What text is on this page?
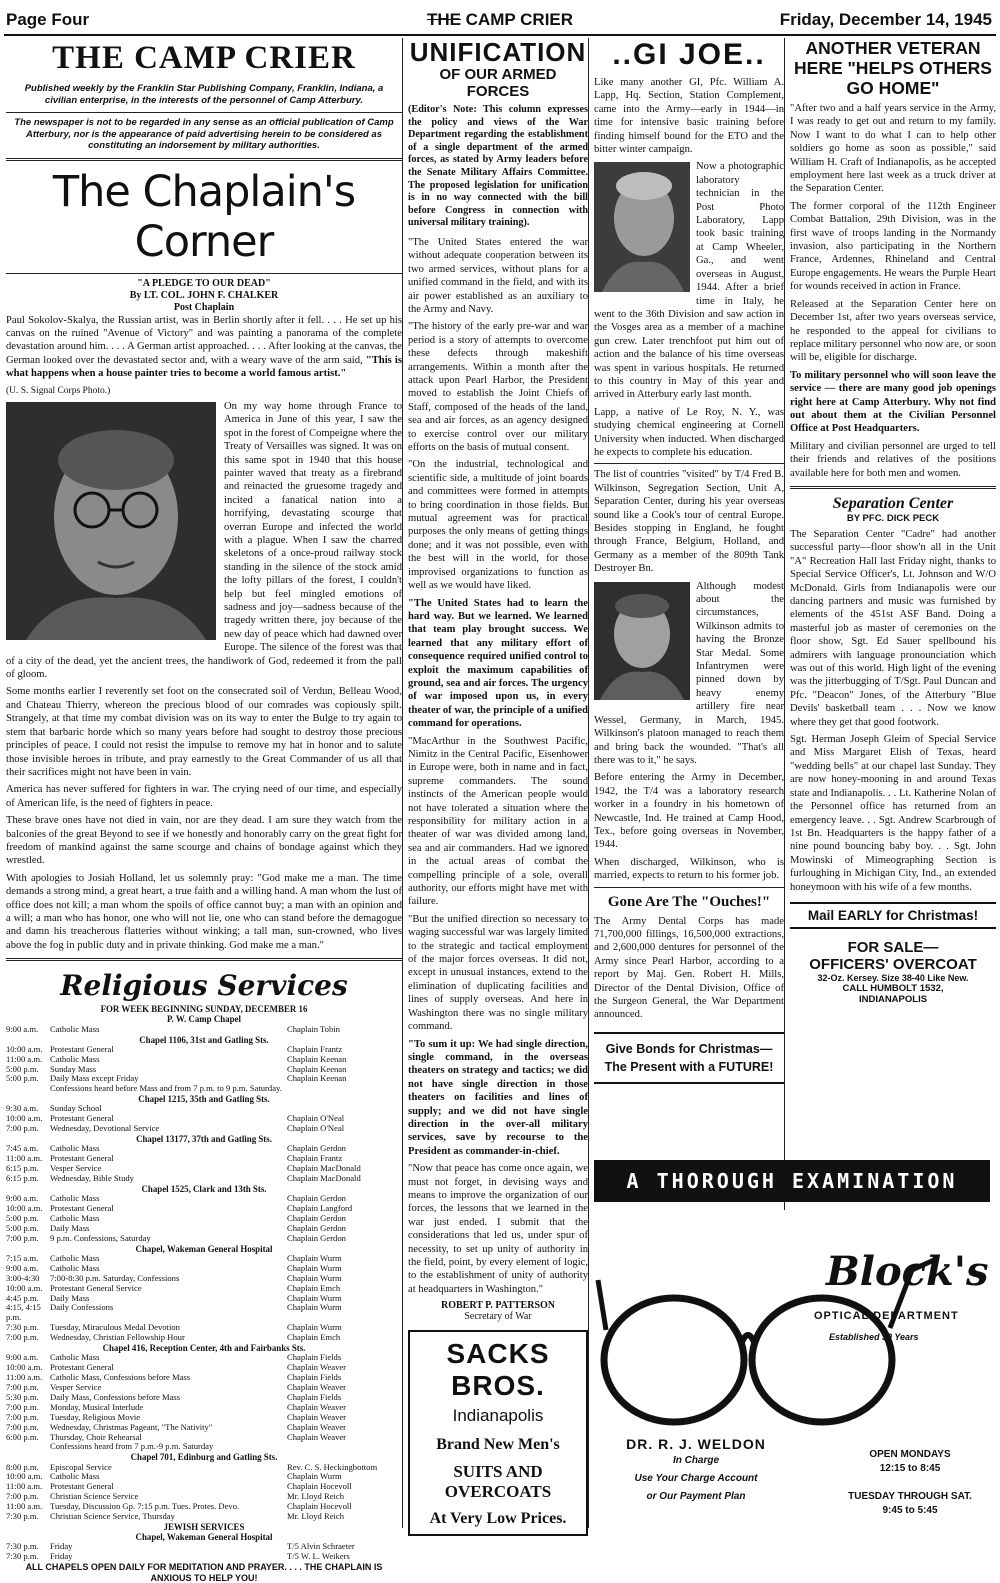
Page Four	THE CAMP CRIER	Friday, December 14, 1945
THE CAMP CRIER
Published weekly by the Franklin Star Publishing Company, Franklin, Indiana, a civilian enterprise, in the interests of the personnel of Camp Atterbury.
The newspaper is not to be regarded in any sense as an official publication of Camp Atterbury, nor is the appearance of paid advertising herein to be considered as constituting an indorsement by military authorities.
The Chaplain's Corner
"A PLEDGE TO OUR DEAD"
By LT. COL. JOHN F. CHALKER
Post Chaplain

Paul Sokolov-Skalya, the Russian artist, was in Berlin shortly after it fell. . . . He set up his canvas on the ruined "Avenue of Victory" and was painting a panorama of the complete devastation around him. . . . A German artist approached. . . . After looking at the canvas, the German looked over the devastated sector and, with a weary wave of the arm said, "This is what happens when a house painter tries to become a world famous artist."

(U. S. Signal Corps Photo.)

On my way home through France to America in June of this year, I saw the spot in the forest of Compeigne where the Treaty of Versailles was signed. It was on this same spot in 1940 that this house painter waved that treaty as a firebrand and reinacted the gruesome tragedy and incited a fanatical nation into a horrifying, devastating scourge that overran Europe and infected the world with a plague. When I saw the charred skeletons of a once-proud railway stock standing in the silence of the stock amid the lofty pillars of the forest, I couldn't help but feel mingled emotions of sadness and joy—sadness because of the tragedy written there, joy because of the new day of peace which had dawned over Europe. The silence of the forest was that of a city of the dead, yet the ancient trees, the handiwork of God, redeemed it from the pall of gloom.

Some months earlier I reverently set foot on the consecrated soil of Verdun, Belleau Wood, and Chateau Thierry, whereon the precious blood of our comrades was copiously spilt. Strangely, at that time my combat division was on its way to enter the Bulge to try again to stem that barbaric horde which so many years before had sought to destroy those precious principles of peace. I could not resist the impulse to remove my hat in honor and to salute those invisible heroes in tribute, and pray earnestly to the Great Commander of us all that their sacrifices might not have been in vain.

America has never suffered for fighters in war. The crying need of our time, and especially of American life, is the need of fighters in peace.

These brave ones have not died in vain, nor are they dead. I am sure they watch from the balconies of the great Beyond to see if we honestly and honorably carry on the great fight for freedom of mankind against the same scourge and chains of bondage against which they wrestled.

With apologies to Josiah Holland, let us solemnly pray: "God make me a man. The time demands a strong mind, a great heart, a true faith and a willing hand. A man whom the lust of office does not kill; a man whom the spoils of office cannot buy; a man with an opinion and a will; a man who has honor, one who will not lie, one who can stand before the demagogue and damn his treacherous flatteries without winking; a tall man, sun-crowned, who lives above the fog in public duty and in private thinking. God make me a man."

Religious Services
FOR WEEK BEGINNING SUNDAY, DECEMBER 16
P. W. Camp Chapel
9:00 a.m.	Catholic Mass	Chaplain Tobin
Chapel 1106, 31st and Gatling Sts.
10:00 a.m.	Protestant General	Chaplain Frantz
11:00 a.m.	Catholic Mass	Chaplain Keenan
5:00 p.m.	Sunday Mass	Chaplain Keenan
5:00 p.m.	Daily Mass except Friday	Chaplain Keenan
	Confessions heard before Mass and from 7 p.m. to 9 p.m. Saturday.	
Chapel 1215, 35th and Gatling Sts.
9:30 a.m.	Sunday School	
10:00 a.m.	Protestant General	Chaplain O'Neal
7:00 p.m.	Wednesday, Devotional Service	Chaplain O'Neal
Chapel 13177, 37th and Gatling Sts.
7:45 a.m.	Catholic Mass	Chaplain Gerdon
11:00 a.m.	Protestant General	Chaplain Frantz
6:15 p.m.	Vesper Service	Chaplain MacDonald
6:15 p.m.	Wednesday, Bible Study	Chaplain MacDonald
Chapel 1525, Clark and 13th Sts.
9:00 a.m.	Catholic Mass	Chaplain Gerdon
10:00 a.m.	Protestant General	Chaplain Langford
5:00 p.m.	Catholic Mass	Chaplain Gerdon
5:00 p.m.	Daily Mass	Chaplain Gerdon
7:00 p.m.	9 p.m. Confessions, Saturday	Chaplain Gerdon
Chapel, Wakeman General Hospital
7:15 a.m.	Catholic Mass	Chaplain Wurm
9:00 a.m.	Catholic Mass	Chaplain Wurm
3:00-4:30	7:00-8:30 p.m. Saturday, Confessions	Chaplain Wurm
10:00 a.m.	Protestant General Service	Chaplain Emch
4:45 p.m.	Daily Mass	Chaplain Wurm
4:15, 4:15 p.m.	Daily Confessions	Chaplain Wurm
7:30 p.m.	Tuesday, Miraculous Medal Devotion	Chaplain Wurm
7:00 p.m.	Wednesday, Christian Fellowship Hour	Chaplain Emch
Chapel 416, Reception Center, 4th and Fairbanks Sts.
9:00 a.m.	Catholic Mass	Chaplain Fields
10:00 a.m.	Protestant General	Chaplain Weaver
11:00 a.m.	Catholic Mass, Confessions before Mass	Chaplain Fields
7:00 p.m.	Vesper Service	Chaplain Weaver
5:30 p.m.	Daily Mass, Confessions before Mass	Chaplain Fields
7:00 p.m.	Monday, Musical Interlude	Chaplain Weaver
7:00 p.m.	Tuesday, Religious Movie	Chaplain Weaver
7:00 p.m.	Wednesday, Christmas Pageant, "The Nativity"	Chaplain Weaver
6:00 p.m.	Thursday, Choir Rehearsal	Chaplain Weaver
	Confessions heard from 7 p.m.-9 p.m. Saturday	
Chapel 701, Edinburg and Gatling Sts.
8:00 p.m.	Episcopal Service	Rev. C. S. Heckingbottom
10:00 a.m.	Catholic Mass	Chaplain Wurm
11:00 a.m.	Protestant General	Chaplain Hocevoll
7:00 p.m.	Christian Science Service	Mr. Lloyd Reich
11:00 a.m.	Tuesday, Discussion Gp. 7:15 p.m. Tues. Protes. Devo.	Chaplain Hocevoll
7:30 p.m.	Christian Science Service, Thursday	Mr. Lloyd Reich
JEWISH SERVICES
Chapel, Wakeman General Hospital
7:30 p.m.	Friday	T/5 Alvin Schraeter
7:30 p.m.	Friday	T/5 W. L. Weikers
ALL CHAPELS OPEN DAILY FOR MEDITATION AND PRAYER. . . . THE CHAPLAIN IS ANXIOUS TO HELP YOU!
UNIFICATION
OF OUR ARMED FORCES
(Editor's Note: This column expresses the policy and views of the War Department regarding the establishment of a single department of the armed forces, as stated by Army leaders before the Senate Military Affairs Committee. The proposed legislation for unification is in no way connected with the bill before Congress in connection with universal military training).

"The United States entered the war without adequate cooperation between its two armed services, without plans for a unified command in the field, and with its air power established as an auxiliary to the Army and Navy.

"The history of the early pre-war and war period is a story of attempts to overcome these defects through makeshift arrangements. Within a month after the attack upon Pearl Harbor, the President moved to establish the Joint Chiefs of Staff, composed of the heads of the land, sea and air forces, as an agency designed to exercise control over our military efforts on the basis of mutual consent.

"On the industrial, technological and scientific side, a multitude of joint boards and committees were formed in attempts to bring coordination in those fields. But mutual agreement was for practical purposes the only means of getting things done; and it was not possible, even with the best will in the world, for those improvised organizations to function as well as we would have liked.

"The United States had to learn the hard way. But we learned. We learned that team play brought success. We learned that any military effort of consequence required unified control to exploit the maximum capabilities of ground, sea and air forces. The urgency of war imposed upon us, in every theater of war, the principle of a unified command for operations.

"MacArthur in the Southwest Pacific, Nimitz in the Central Pacific, Eisenhower in Europe were, both in name and in fact, supreme commanders. The sound instincts of the American people would not have tolerated a situation where the responsibility for military action in a theater of war was divided among land, sea and air commanders. Had we ignored in the actual areas of combat the compelling principle of a sole, overall authority, our efforts might have met with failure.

"But the unified direction so necessary to waging successful war was largely limited to the strategic and tactical employment of the major forces overseas. It did not, except in unusual instances, extend to the elimination of duplicating facilities and lines of supply overseas. And here in Washington there was no single military command.

"To sum it up: We had single direction, single command, in the overseas theaters on strategy and tactics; we did not have single direction in those theaters on facilities and lines of supply; and we did not have single direction in the over-all military services, save by recourse to the President as commander-in-chief.

"Now that peace has come once again, we must not forget, in devising ways and means to improve the organization of our forces, the lessons that we learned in the war just ended. I submit that the considerations that led us, under spur of necessity, to set up unity of authority in the field, point, by every element of logic, to the establishment of unity of authority at headquarters in Washington."

ROBERT P. PATTERSON
Secretary of War
SACKS BROS.
Indianapolis
Brand New Men's
SUITS AND
OVERCOATS
At Very Low Prices.
..GI JOE..

Like many another GI, Pfc. William A. Lapp, Hq. Section, Station Complement, came into the Army—early in 1944—in time for intensive basic training before finding himself bound for the ETO and the bitter winter campaign.

Now a photographic laboratory technician in the Post Photo Laboratory, Lapp took basic training at Camp Wheeler, Ga., and went overseas in August, 1944. After a brief time in Italy, he went to the 36th Division and saw action in the Vosges area as a member of a machine gun crew. Later trenchfoot put him out of action and the balance of his time overseas was spent in various hospitals. He returned to this country in May of this year and arrived in Atterbury early last month.

Lapp, a native of Le Roy, N. Y., was studying chemical engineering at Cornell University when inducted. When discharged he expects to complete his education.

The list of countries "visited" by T/4 Fred B. Wilkinson, Segregation Section, Unit A, Separation Center, during his year overseas sound like a Cook's tour of central Europe. Besides stopping in England, he fought through France, Belgium, Holland, and Germany as a member of the 809th Tank Destroyer Bn.

Although modest about the circumstances, Wilkinson admits to having the Bronze Star Medal. Some Infantrymen were pinned down by heavy enemy artillery fire near Wessel, Germany, in March, 1945. Wilkinson's platoon managed to reach them and bring back the wounded. "That's all there was to it," he says.

Before entering the Army in December, 1942, the T/4 was a laboratory research worker in a foundry in his hometown of Newcastle, Ind. He trained at Camp Hood, Tex., before going overseas in November, 1944.

When discharged, Wilkinson, who is married, expects to return to his former job.

Gone Are The "Ouches!"

The Army Dental Corps has made 71,700,000 fillings, 16,500,000 extractions, and 2,600,000 dentures for personnel of the Army since Pearl Harbor, according to a report by Maj. Gen. Robert H. Mills, Director of the Dental Division, Office of the Surgeon General, the War Department announced.

Give Bonds for Christmas—
The Present with a FUTURE!
ANOTHER VETERAN HERE "HELPS OTHERS GO HOME"

"After two and a half years service in the Army, I was ready to get out and return to my family. Now I want to do what I can to help other soldiers go home as soon as possible," said William H. Craft of Indianapolis, as he accepted employment here last week as a truck driver at the Separation Center.

The former corporal of the 112th Engineer Combat Battalion, 29th Division, was in the first wave of troops landing in the Normandy invasion, also participating in the Northern France, Ardennes, Rhineland and Central Europe engagements. He wears the Purple Heart for wounds received in action in France.

Released at the Separation Center here on December 1st, after two years overseas service, he responded to the appeal for civilians to replace military personnel who now are, or soon will be, eligible for discharge.

To military personnel who will soon leave the service — there are many good job openings right here at Camp Atterbury. Why not find out about them at the Civilian Personnel Office at Post Headquarters.

Military and civilian personnel are urged to tell their friends and relatives of the positions available here for both men and women.

Separation Center
BY PFC. DICK PECK

The Separation Center "Cadre" had another successful party—floor show'n all in the Unit "A" Recreation Hall last Friday night, thanks to Special Service Officer's, Lt. Johnson and W/O McDonald. Girls from Indianapolis were our dancing partners and music was furnished by elements of the 451st ASF Band. Doing a masterful job as master of ceremonies on the floor show, Sgt. Ed Sauer spellbound his admirers with language pronounciation which was out of this world. High light of the evening was the jitterbugging of T/Sgt. Paul Duncan and Pfc. "Deacon" Jones, of the Atterbury "Blue Devils' basketball team . . . Now we know where they get that good footwork.

Sgt. Herman Joseph Gleim of Special Service and Miss Margaret Elish of Texas, heard "wedding bells" at our chapel last Sunday. They are now honey-mooning in and around Texas state and Indianapolis. . . Lt. Katherine Nolan of the Personnel office has returned from an emergency leave. . . Sgt. Andrew Scarbrough of 1st Bn. Headquarters is the happy father of a nine pound bouncing baby boy. . . Sgt. John Mowinski of Mimeographing Section is furloughing in Michigan City, Ind., an extended honeymoon with his wife of a few months.

Mail EARLY for Christmas!
FOR SALE—
OFFICERS' OVERCOAT
32-Oz. Kersey. Size 38-40 Like New.
CALL HUMBOLT 1532,
INDIANAPOLIS
A THOROUGH EXAMINATION
Block's
OPTICAL DEPARTMENT
Established 30 Years
DR. R. J. WELDON
In Charge
Use Your Charge Account
or Our Payment Plan
OPEN MONDAYS
12:15 to 8:45
TUESDAY THROUGH SAT.
9:45 to 5:45
